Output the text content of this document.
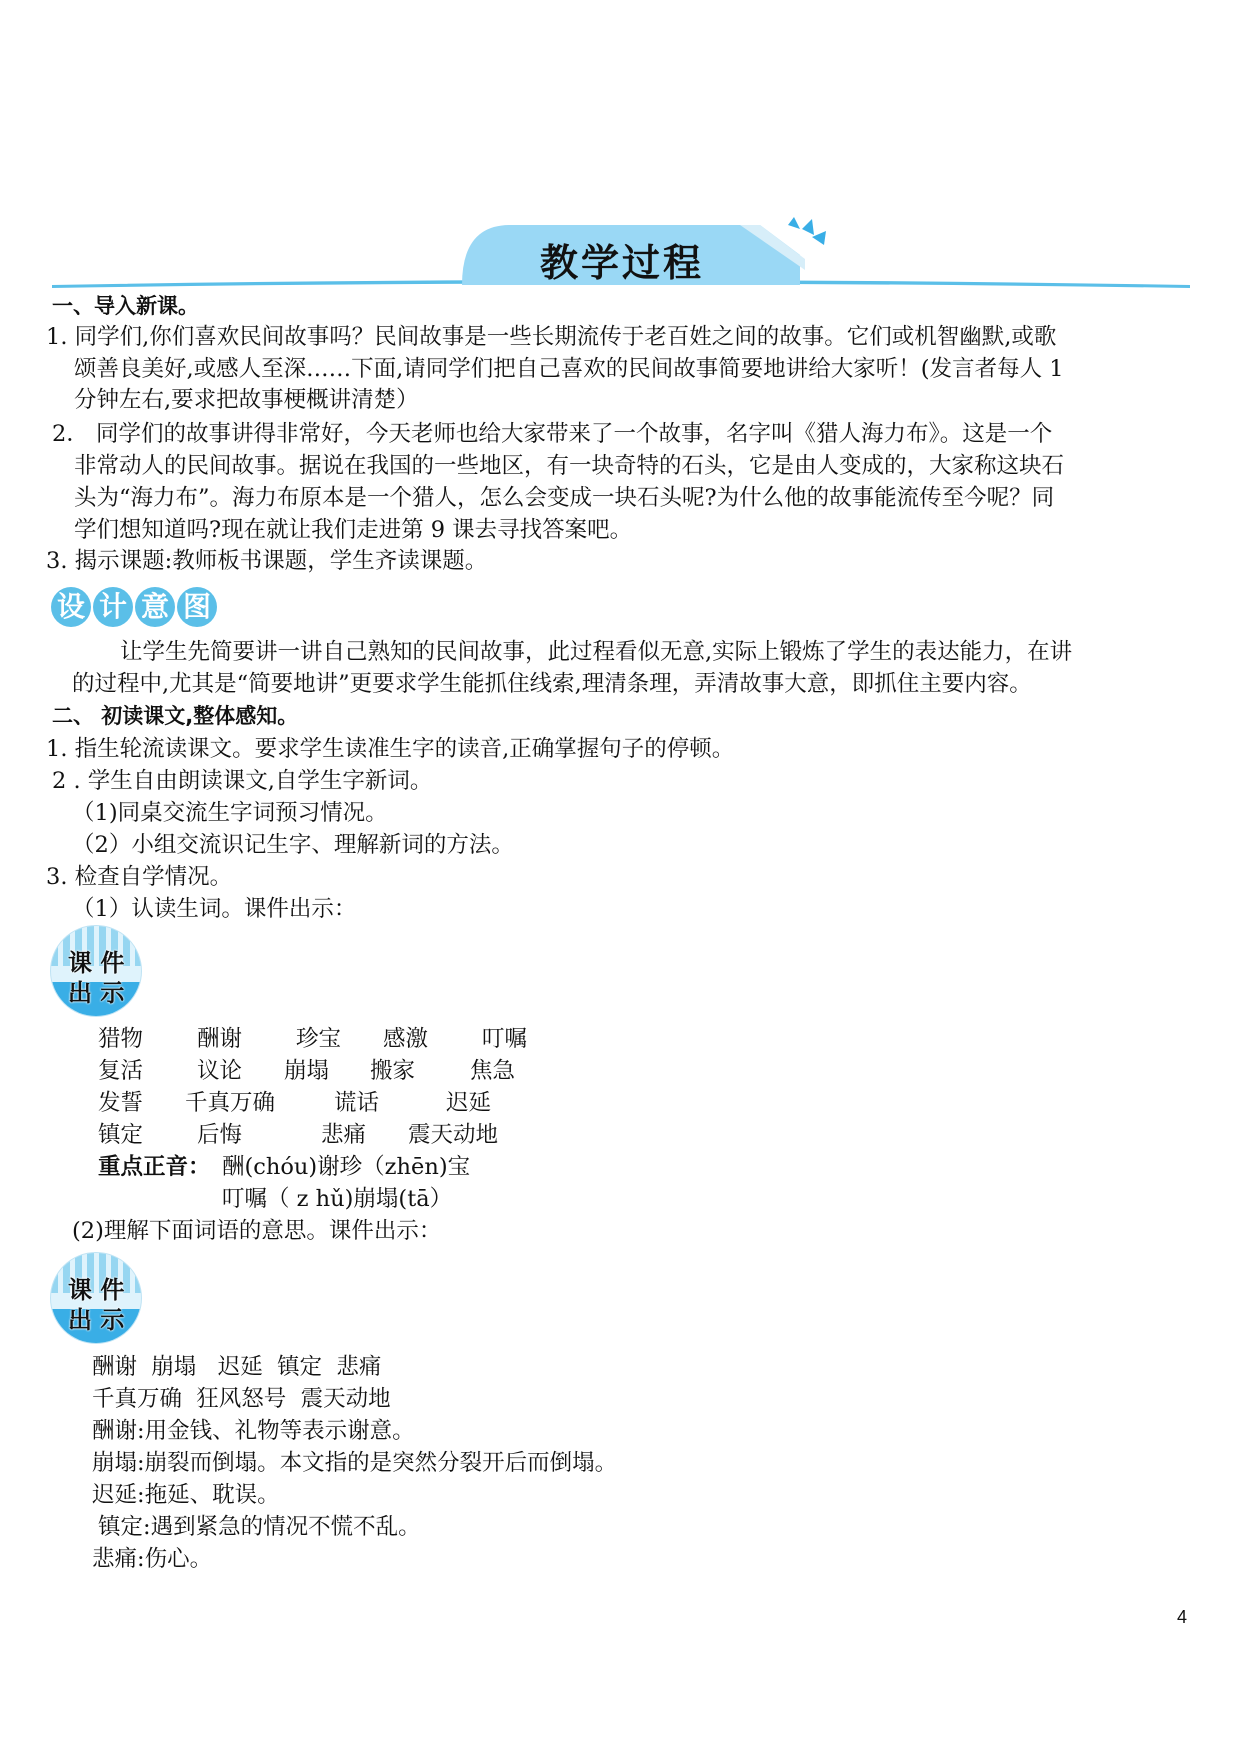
教学过程
一、导入新课。
1. 同学们,你们喜欢民间故事吗？民间故事是一些长期流传于老百姓之间的故事。它们或机智幽默,或歌
颂善良美好,或感人至深……下面,请同学们把自己喜欢的民间故事简要地讲给大家听！(发言者每人 1
分钟左右,要求把故事梗概讲清楚）
2． 同学们的故事讲得非常好，今天老师也给大家带来了一个故事，名字叫《猎人海力布》。这是一个
非常动人的民间故事。据说在我国的一些地区，有一块奇特的石头，它是由人变成的，大家称这块石
头为“海力布”。海力布原本是一个猎人，怎么会变成一块石头呢?为什么他的故事能流传至今呢？同
学们想知道吗?现在就让我们走进第 9 课去寻找答案吧。
3. 揭示课题:教师板书课题，学生齐读课题。
设 计 意 图
让学生先简要讲一讲自己熟知的民间故事，此过程看似无意,实际上锻炼了学生的表达能力，在讲
的过程中,尤其是“简要地讲”更要求学生能抓住线索,理清条理，弄清故事大意，即抓住主要内容。
二、 初读课文,整体感知。
1. 指生轮流读课文。要求学生读准生字的读音,正确掌握句子的停顿。
2 . 学生自由朗读课文,自学生字新词。
（1)同桌交流生字词预习情况。
（2）小组交流识记生字、理解新词的方法。
3. 检查自学情况。
（1）认读生词。课件出示：
课 件
出 示
猎物 酬谢 珍宝 感激 叮嘱
复活 议论 崩塌 搬家 焦急
发誓 千真万确	谎话	迟延
镇定 后悔	悲痛 震天动地
重点正音： 酬(chóu)谢珍（zhēn)宝
叮嘱（ z hǔ)崩塌(tā）
(2)理解下面词语的意思。课件出示：
课 件
出 示
酬谢  崩塌   迟延  镇定  悲痛
千真万确  狂风怒号  震天动地
酬谢:用金钱、礼物等表示谢意。
崩塌:崩裂而倒塌。本文指的是突然分裂开后而倒塌。
迟延:拖延、耽误。
镇定:遇到紧急的情况不慌不乱。
悲痛:伤心。
4
